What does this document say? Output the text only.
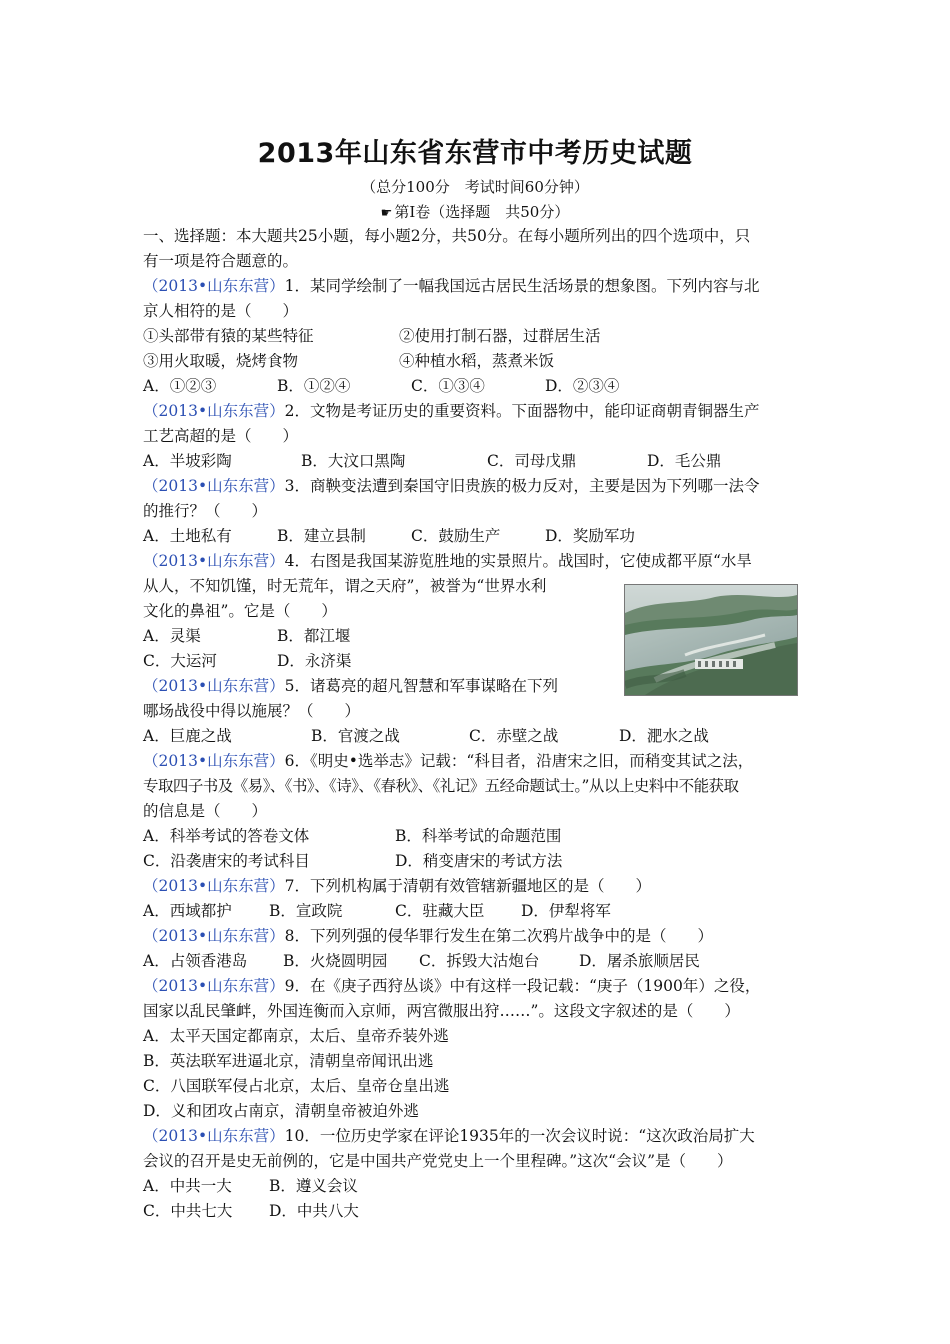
2013年山东省东营市中考历史试题
（总分100分　考试时间60分钟）
☛ 第Ⅰ卷（选择题　共50分）
一、选择题：本大题共25小题，每小题2分，共50分。在每小题所列出的四个选项中，只
有一项是符合题意的。
（2013•山东东营）1．某同学绘制了一幅我国远古居民生活场景的想象图。下列内容与北
京人相符的是（　　）
①头部带有猿的某些特征	②使用打制石器，过群居生活
③用火取暖，烧烤食物	④种植水稻，蒸煮米饭
A．①②③	B．①②④	C．①③④	D．②③④
（2013•山东东营）2．文物是考证历史的重要资料。下面器物中，能印证商朝青铜器生产
工艺高超的是（　　）
A．半坡彩陶	B．大汶口黑陶	C．司母戊鼎	D．毛公鼎
（2013•山东东营）3．商鞅变法遭到秦国守旧贵族的极力反对，主要是因为下列哪一法令
的推行？（　　）
A．土地私有	B．建立县制	C．鼓励生产	D．奖励军功
（2013•山东东营）4．右图是我国某游览胜地的实景照片。战国时，它使成都平原“水旱
从人，不知饥馑，时无荒年，谓之天府”，被誉为“世界水利
文化的鼻祖”。它是（　　）
A．灵渠	B．都江堰
C．大运河	D．永济渠
（2013•山东东营）5．诸葛亮的超凡智慧和军事谋略在下列
哪场战役中得以施展？（　　）
A．巨鹿之战	B．官渡之战	C．赤壁之战	D．淝水之战
（2013•山东东营）6．《明史•选举志》记载：“科目者，沿唐宋之旧，而稍变其试之法，
专取四子书及《易》、《书》、《诗》、《春秋》、《礼记》五经命题试士。”从以上史料中不能获取
的信息是（　　）
A．科举考试的答卷文体	B．科举考试的命题范围
C．沿袭唐宋的考试科目	D．稍变唐宋的考试方法
（2013•山东东营）7．下列机构属于清朝有效管辖新疆地区的是（　　）
A．西域都护	B．宣政院	C．驻藏大臣	D．伊犁将军
（2013•山东东营）8．下列列强的侵华罪行发生在第二次鸦片战争中的是（　　）
A．占领香港岛	B．火烧圆明园	C．拆毁大沽炮台	D．屠杀旅顺居民
（2013•山东东营）9．在《庚子西狩丛谈》中有这样一段记载：“庚子（1900年）之役，
国家以乱民肇衅，外国连衡而入京师，两宫微服出狩……”。这段文字叙述的是（　　）
A．太平天国定都南京，太后、皇帝乔装外逃
B．英法联军进逼北京，清朝皇帝闻讯出逃
C．八国联军侵占北京，太后、皇帝仓皇出逃
D．义和团攻占南京，清朝皇帝被迫外逃
（2013•山东东营）10．一位历史学家在评论1935年的一次会议时说：“这次政治局扩大
会议的召开是史无前例的，它是中国共产党党史上一个里程碑。”这次“会议”是（　　）
A．中共一大	B．遵义会议
C．中共七大	D．中共八大
